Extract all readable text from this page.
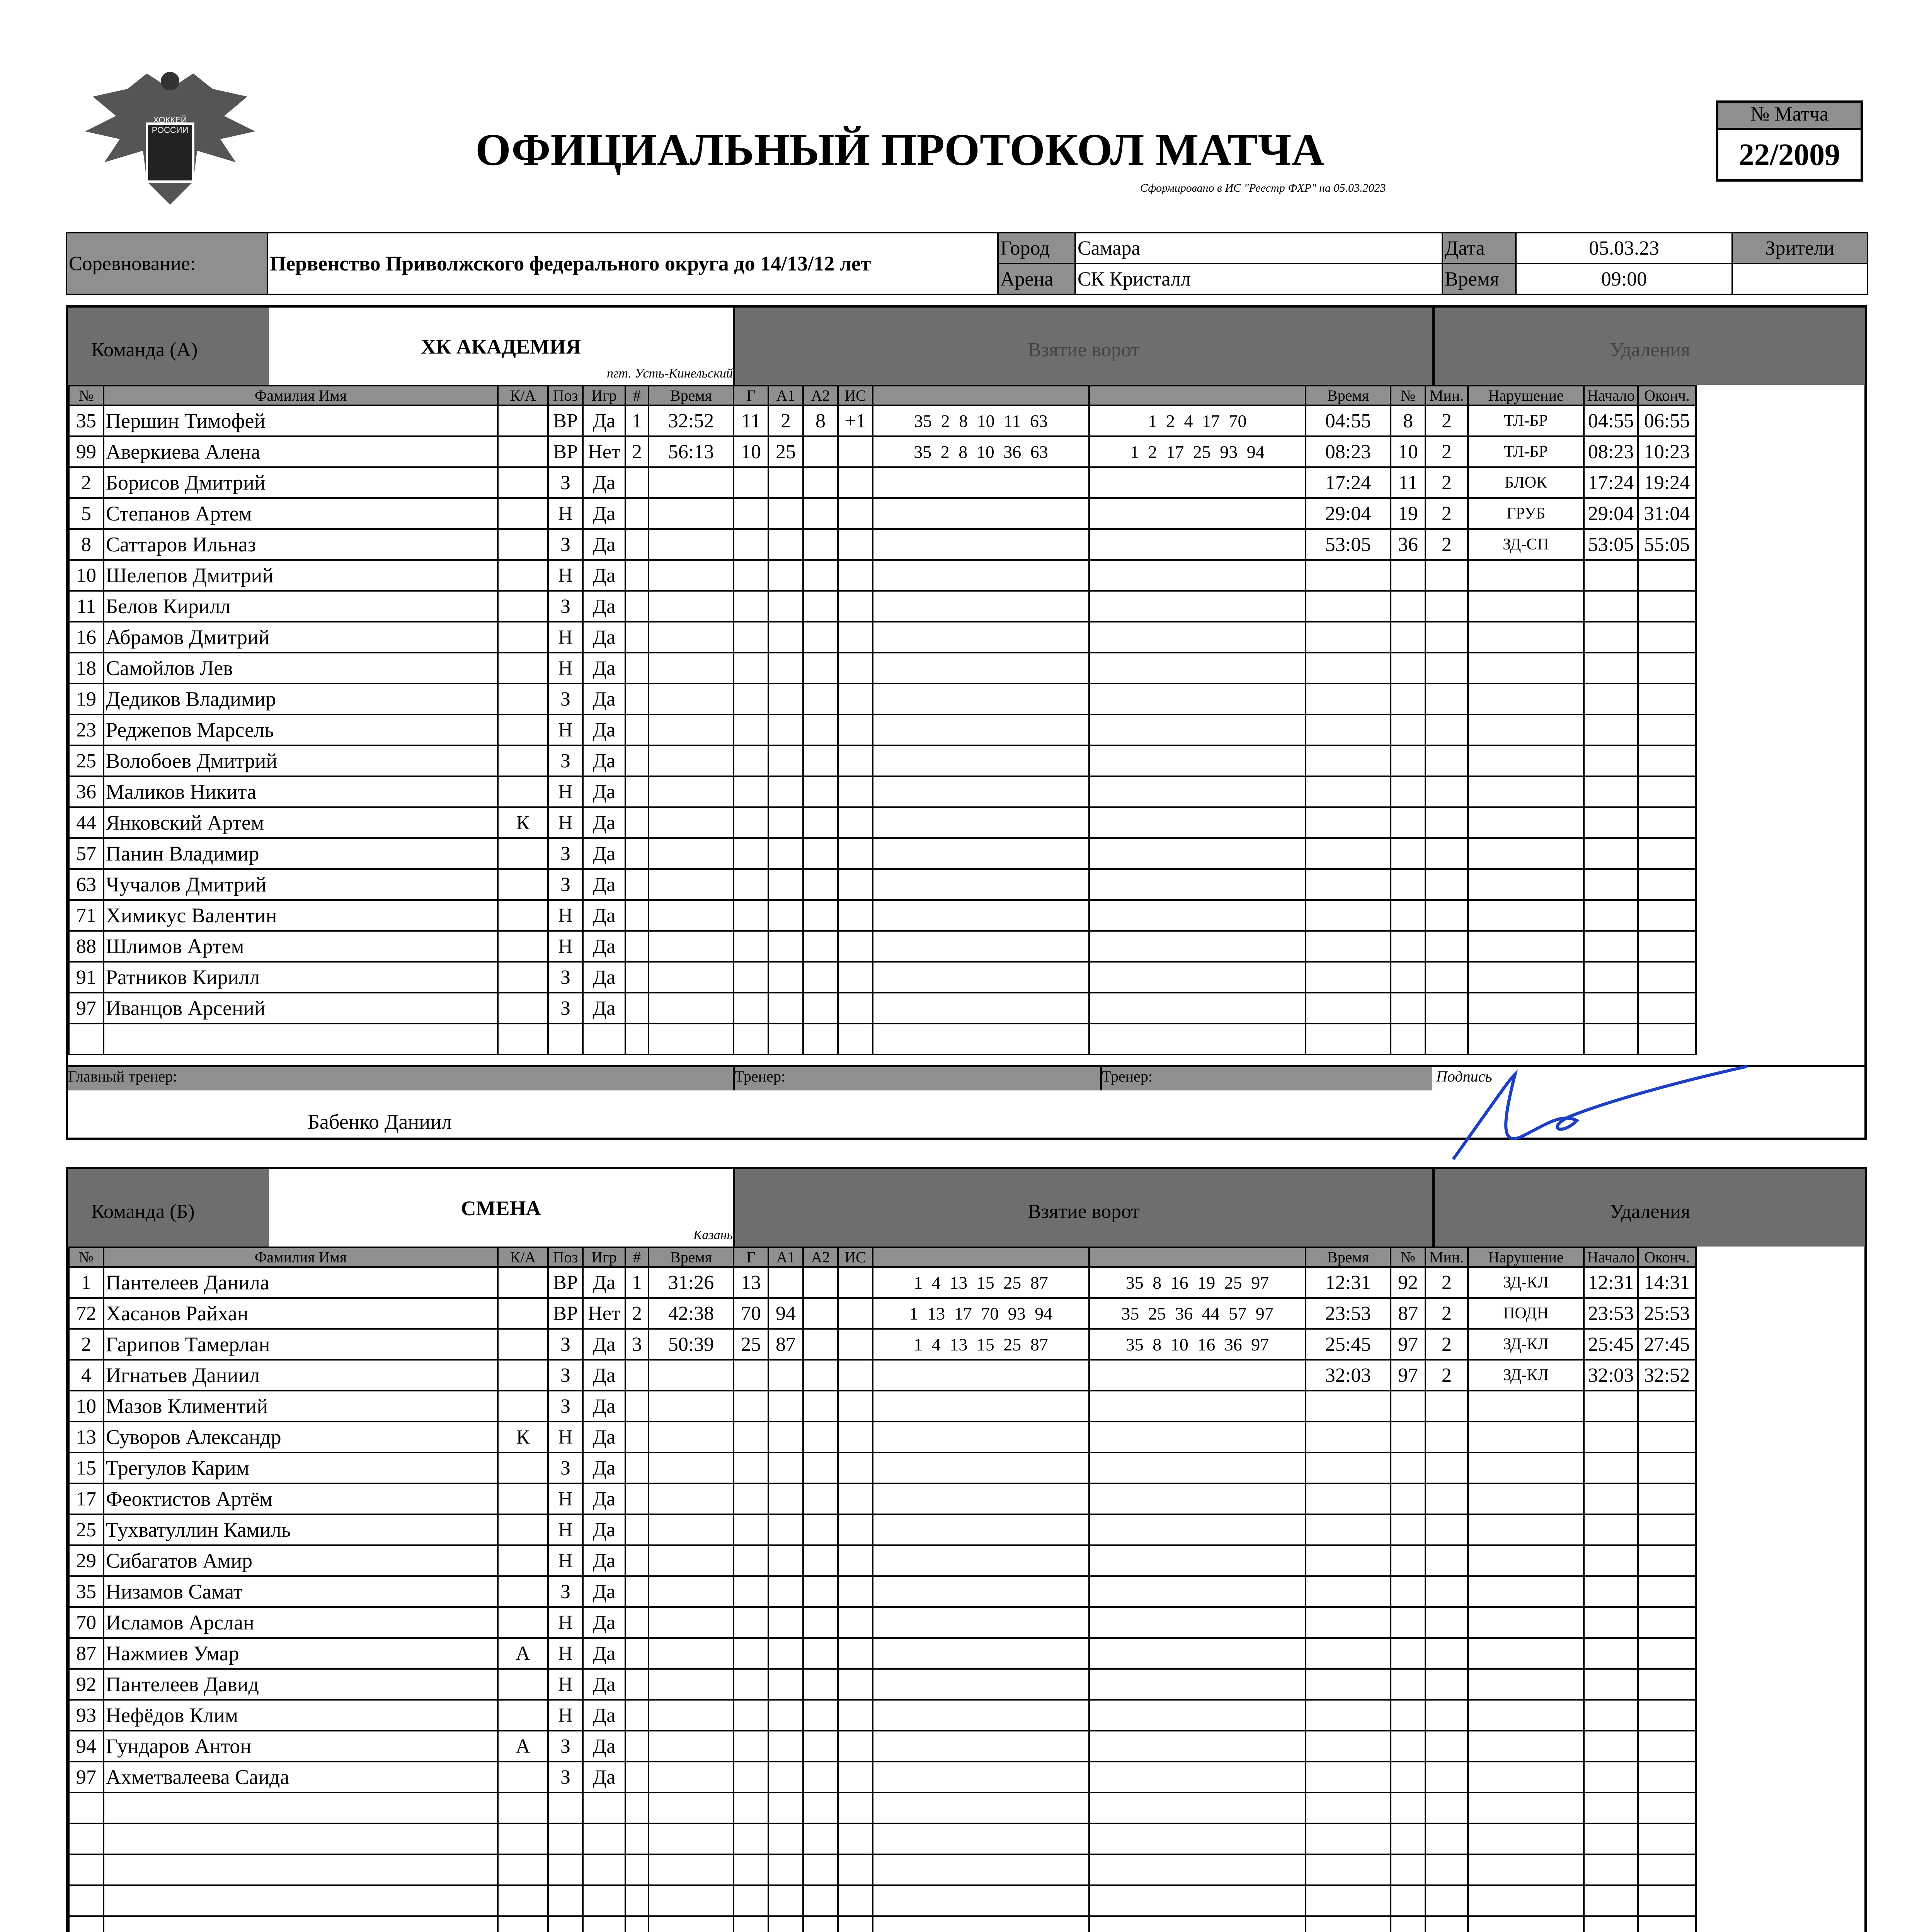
ХОККЕЙ РОССИИ	ОФИЦИАЛЬНЫЙ ПРОТОКОЛ МАТЧА
Сформировано в ИС "Реестр ФХР" на 05.03.2023
№ Матча
22/2009
Соревнование:	Первенство Приволжского федерального округа до 14/13/12 лет	Город	Самара	Дата	05.03.23	Зрители
		Арена	СК Кристалл	Время	09:00	
Команда (А)	ХК АКАДЕМИЯ
пгт. Усть-Кинельский
Взятие ворот	Удаления
№	Фамилия Имя	К/А	Поз	Игр	#	Время	Г	А1	А2	ИС			Время	№	Мин.	Нарушение	Начало	Оконч.
35	Першин Тимофей		ВР	Да	1	32:52	11	2	8	+1	35 2 8 10 11 63	1 2 4 17 70	04:55	8	2	ТЛ-БР	04:55	06:55
99	Аверкиева Алена		ВР	Нет	2	56:13	10	25			35 2 8 10 36 63	1 2 17 25 93 94	08:23	10	2	ТЛ-БР	08:23	10:23
2	Борисов Дмитрий		З	Да									17:24	11	2	БЛОК	17:24	19:24
5	Степанов Артем		Н	Да									29:04	19	2	ГРУБ	29:04	31:04
8	Саттаров Ильназ		З	Да									53:05	36	2	ЗД-СП	53:05	55:05
10	Шелепов Дмитрий		Н	Да														
11	Белов Кирилл		З	Да														
16	Абрамов Дмитрий		Н	Да														
18	Самойлов Лев		Н	Да														
19	Дедиков Владимир		З	Да														
23	Реджепов Марсель		Н	Да														
25	Волобоев Дмитрий		З	Да														
36	Маликов Никита		Н	Да														
44	Янковский Артем	К	Н	Да														
57	Панин Владимир		З	Да														
63	Чучалов Дмитрий		З	Да														
71	Химикус Валентин		Н	Да														
88	Шлимов Артем		Н	Да														
91	Ратников Кирилл		З	Да														
97	Иванцов Арсений		З	Да														

Главный тренер:
Бабенко Даниил
Тренер:	Тренер:	Подпись
Команда (Б)	СМЕНА
Казань
Взятие ворот	Удаления
№	Фамилия Имя	К/А	Поз	Игр	#	Время	Г	А1	А2	ИС			Время	№	Мин.	Нарушение	Начало	Оконч.
1	Пантелеев Данила		ВР	Да	1	31:26	13				1 4 13 15 25 87	35 8 16 19 25 97	12:31	92	2	ЗД-КЛ	12:31	14:31
72	Хасанов Райхан		ВР	Нет	2	42:38	70	94			1 13 17 70 93 94	35 25 36 44 57 97	23:53	87	2	ПОДН	23:53	25:53
2	Гарипов Тамерлан		З	Да	3	50:39	25	87			1 4 13 15 25 87	35 8 10 16 36 97	25:45	97	2	ЗД-КЛ	25:45	27:45
4	Игнатьев Даниил		З	Да									32:03	97	2	ЗД-КЛ	32:03	32:52
10	Мазов Климентий		З	Да														
13	Суворов Александр	К	Н	Да														
15	Трегулов Карим		З	Да														
17	Феоктистов Артём		Н	Да														
25	Тухватуллин Камиль		Н	Да														
29	Сибагатов Амир		Н	Да														
35	Низамов Самат		З	Да														
70	Исламов Арслан		Н	Да														
87	Нажмиев Умар	А	Н	Да														
92	Пантелеев Давид		Н	Да														
93	Нефёдов Клим		Н	Да														
94	Гундаров Антон	А	З	Да														
97	Ахметвалеева Саида		З	Да														
